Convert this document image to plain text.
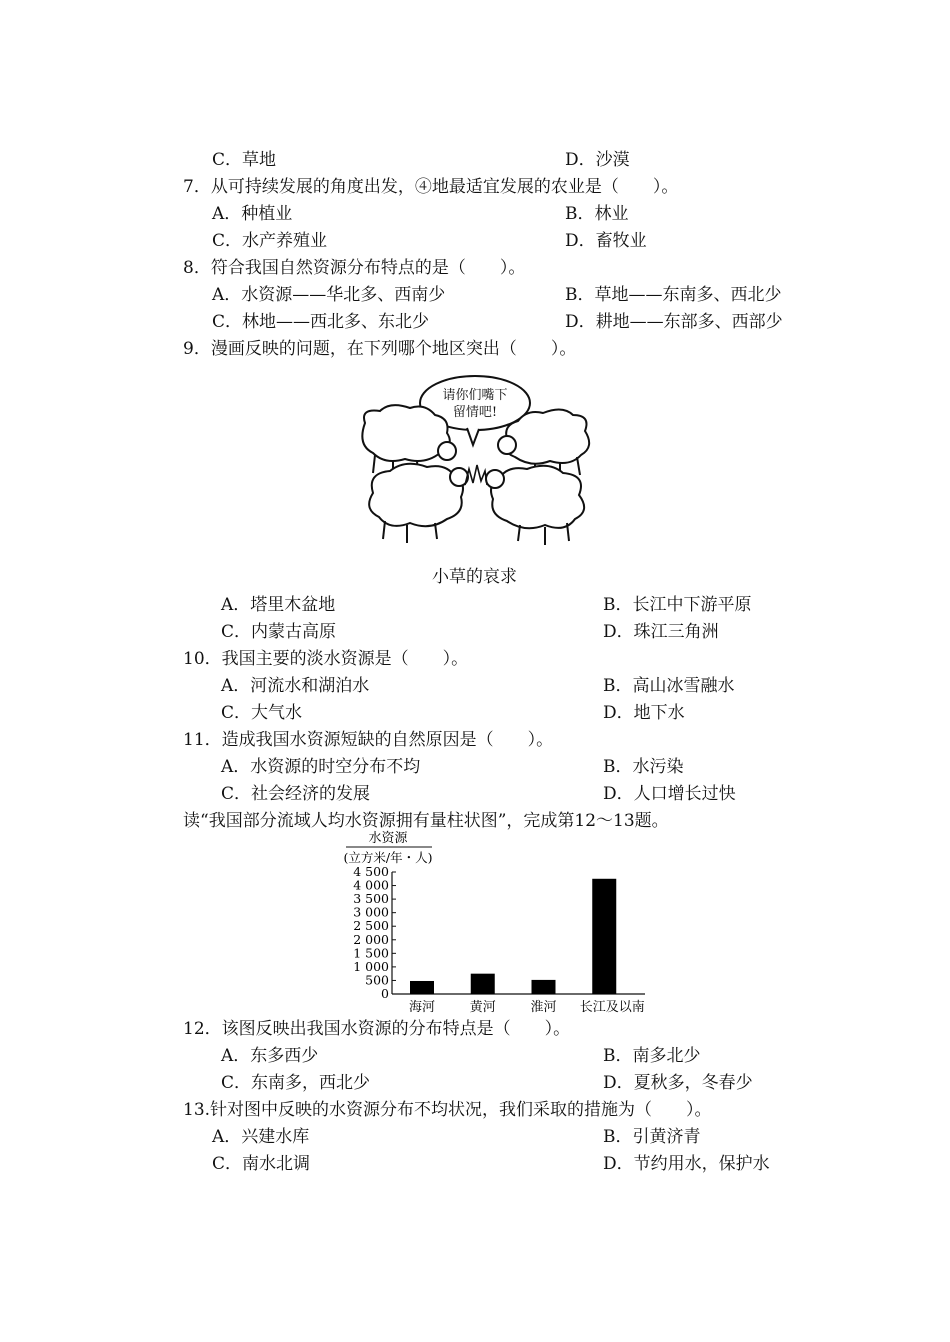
C．草地	D．沙漠
7．从可持续发展的角度出发，④地最适宜发展的农业是（　　）。
A．种植业	B．林业
C．水产养殖业	D．畜牧业
8．符合我国自然资源分布特点的是（　　）。
A．水资源——华北多、西南少	B．草地——东南多、西北少
C．林地——西北多、东北少	D．耕地——东部多、西部少
9．漫画反映的问题，在下列哪个地区突出（　　）。
请你们嘴下
留情吧!
小草的哀求
A．塔里木盆地	B．长江中下游平原
C．内蒙古高原	D．珠江三角洲
10．我国主要的淡水资源是（　　）。
A．河流水和湖泊水	B．高山冰雪融水
C．大气水	D．地下水
11．造成我国水资源短缺的自然原因是（　　）。
A．水资源的时空分布不均	B．水污染
C．社会经济的发展	D．人口增长过快
读“我国部分流域人均水资源拥有量柱状图”，完成第12～13题。
水资源
(立方米/年・人)
0
500
1 000
1 500
2 000
2 500
3 000
3 500
4 000
4 500
海河	黄河	淮河 长江及以南
12．该图反映出我国水资源的分布特点是（　　）。
A．东多西少	B．南多北少
C．东南多，西北少	D．夏秋多，冬春少
13.针对图中反映的水资源分布不均状况，我们采取的措施为（　　）。
A．兴建水库	B．引黄济青
C．南水北调	D．节约用水，保护水
